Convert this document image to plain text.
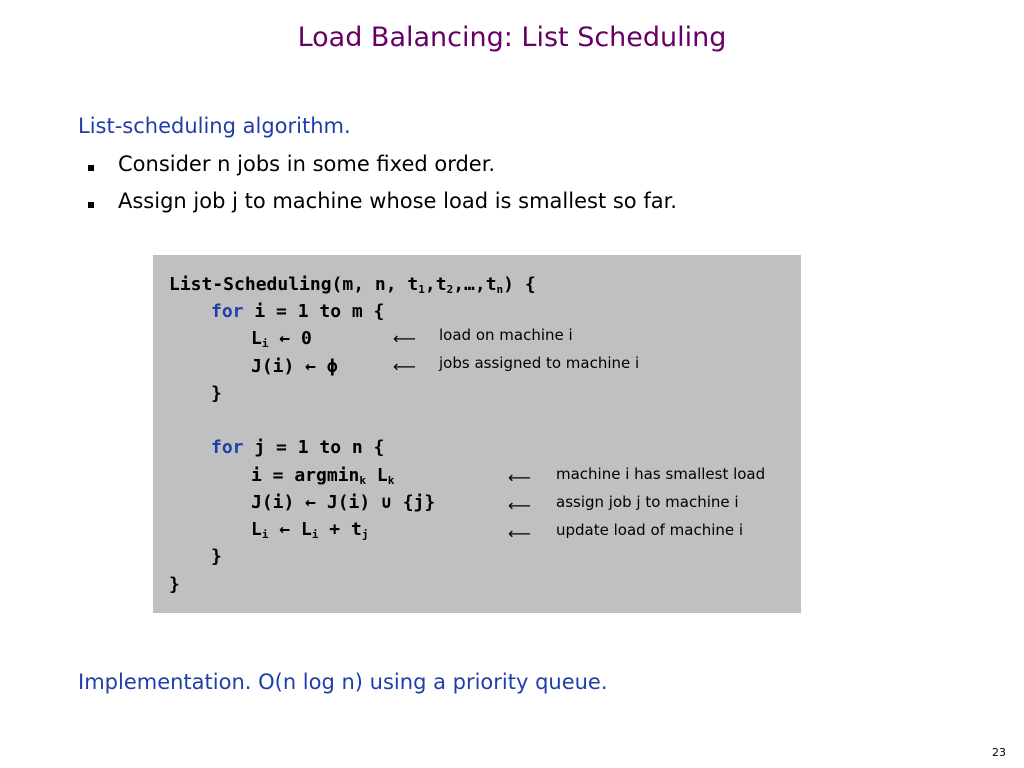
Load Balancing: List Scheduling
List-scheduling algorithm.
Consider n jobs in some fixed order.
Assign job j to machine whose load is smallest so far.
List-Scheduling(m, n, $t_1,t_2,\dots,t_n$) {
for i = 1 to m {
$L_i$ ← 0
J(i) ← ϕ
}
for j = 1 to n {
i = argmin$_k$ $L_k$
J(i) ← J(i) ∪ {j}
$L_i$ ← $L_i + t_j$
}
}
⟵ load on machine i
⟵ jobs assigned to machine i
⟵ machine i has smallest load
⟵ assign job j to machine i
⟵ update load of machine i
Implementation. O(n log n) using a priority queue.
23
